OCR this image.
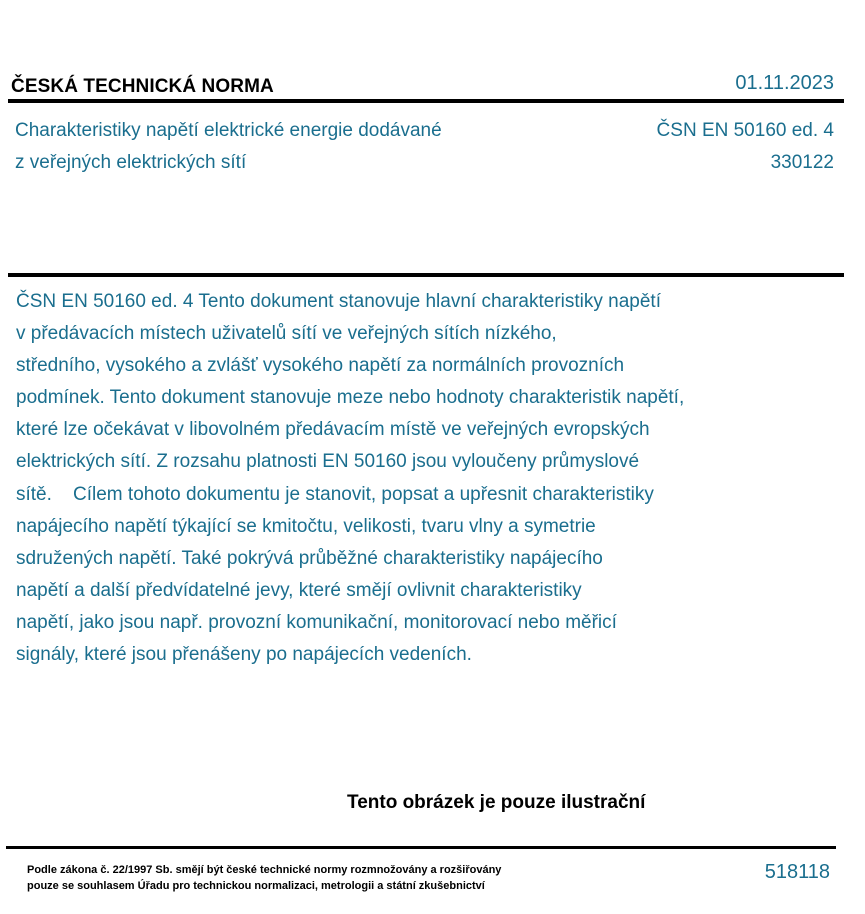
ČESKÁ TECHNICKÁ NORMA	01.11.2023
Charakteristiky napětí elektrické energie dodávané
z veřejných elektrických sítí
ČSN EN 50160 ed. 4
330122
ČSN EN 50160 ed. 4 Tento dokument stanovuje hlavní charakteristiky napětí
v předávacích místech uživatelů sítí ve veřejných sítích nízkého,
středního, vysokého a zvlášť vysokého napětí za normálních provozních
podmínek. Tento dokument stanovuje meze nebo hodnoty charakteristik napětí,
které lze očekávat v libovolném předávacím místě ve veřejných evropských
elektrických sítí. Z rozsahu platnosti EN 50160 jsou vyloučeny průmyslové
sítě.    Cílem tohoto dokumentu je stanovit, popsat a upřesnit charakteristiky
napájecího napětí týkající se kmitočtu, velikosti, tvaru vlny a symetrie
sdružených napětí. Také pokrývá průběžné charakteristiky napájecího
napětí a další předvídatelné jevy, které smějí ovlivnit charakteristiky
napětí, jako jsou např. provozní komunikační, monitorovací nebo měřicí
signály, které jsou přenášeny po napájecích vedeních.
Tento obrázek je pouze ilustrační
Podle zákona č. 22/1997 Sb. smějí být české technické normy rozmnožovány a rozšiřovány
pouze se souhlasem Úřadu pro technickou normalizaci, metrologii a státní zkušebnictví
518118
